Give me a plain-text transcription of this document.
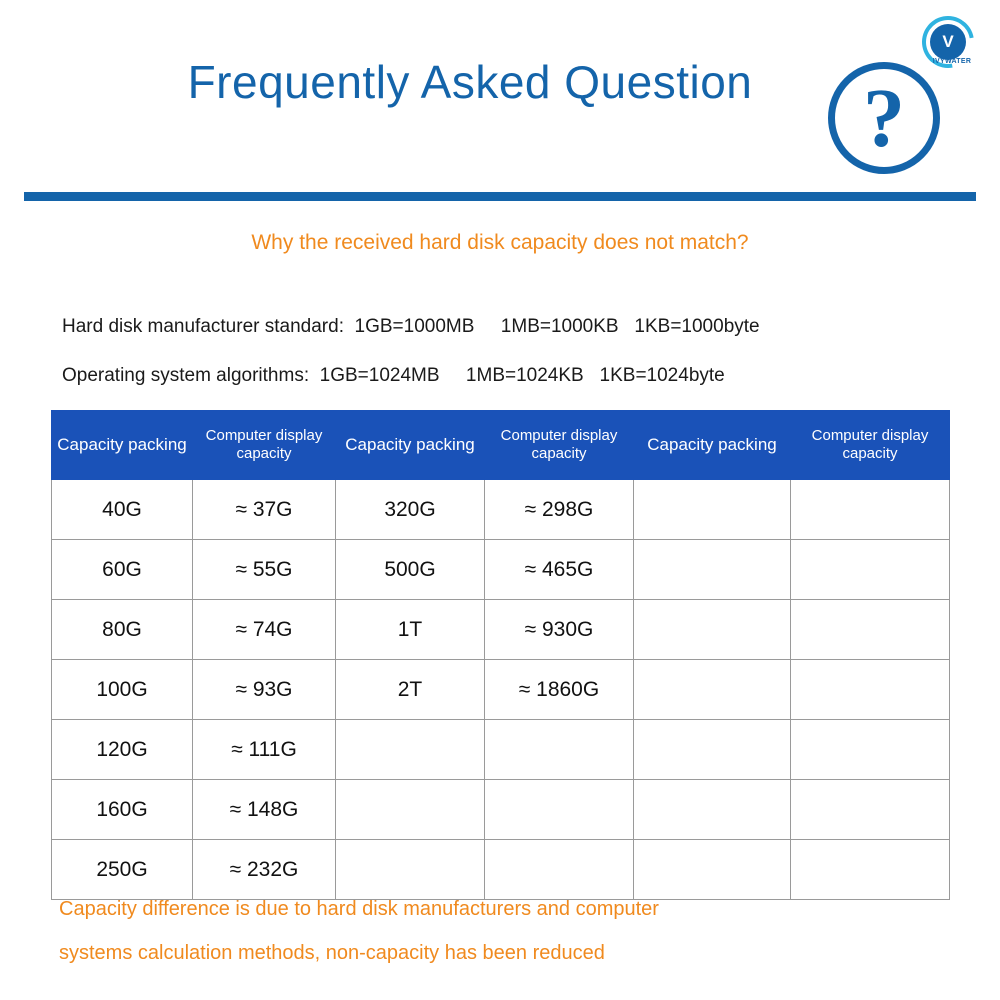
Frequently Asked Question	?
V
IVYWATER
Why the received hard disk capacity does not match?
Hard disk manufacturer standard:  1GB=1000MB     1MB=1000KB   1KB=1000byte
Operating system algorithms:  1GB=1024MB     1MB=1024KB   1KB=1024byte
Capacity packing	Computer display capacity	Capacity packing	Computer display capacity	Capacity packing	Computer display capacity
40G	≈ 37G	320G	≈ 298G		
60G	≈ 55G	500G	≈ 465G		
80G	≈ 74G	1T	≈ 930G		
100G	≈ 93G	2T	≈ 1860G		
120G	≈ 111G				
160G	≈ 148G				
250G	≈ 232G				
Capacity difference is due to hard disk manufacturers and computer
systems calculation methods, non-capacity has been reduced
